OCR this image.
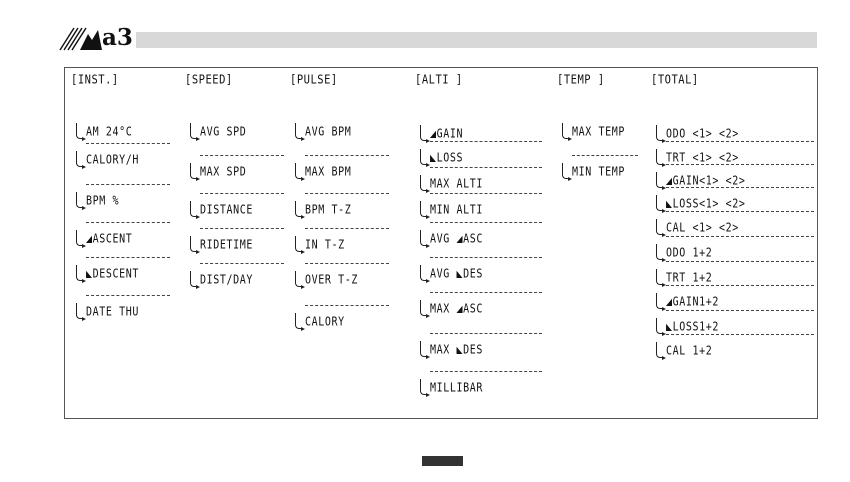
a3
[INST.]
AM 24°C
CALORY/H
BPM %
◢ASCENT
◣DESCENT
DATE THU
[SPEED]
AVG SPD
MAX SPD
DISTANCE
RIDETIME
DIST/DAY
[PULSE]
AVG BPM
MAX BPM
BPM T-Z
IN T-Z
OVER T-Z
CALORY
[ALTI ]
◢GAIN
◣LOSS
MAX ALTI
MIN ALTI
AVG ◢ASC
AVG ◣DES
MAX ◢ASC
MAX ◣DES
MILLIBAR
[TEMP ]
MAX TEMP
MIN TEMP
[TOTAL]
ODO <1> <2>
TRT <1> <2>
◢GAIN<1> <2>
◣LOSS<1> <2>
CAL <1> <2>
ODO 1+2
TRT 1+2
◢GAIN1+2
◣LOSS1+2
CAL 1+2
